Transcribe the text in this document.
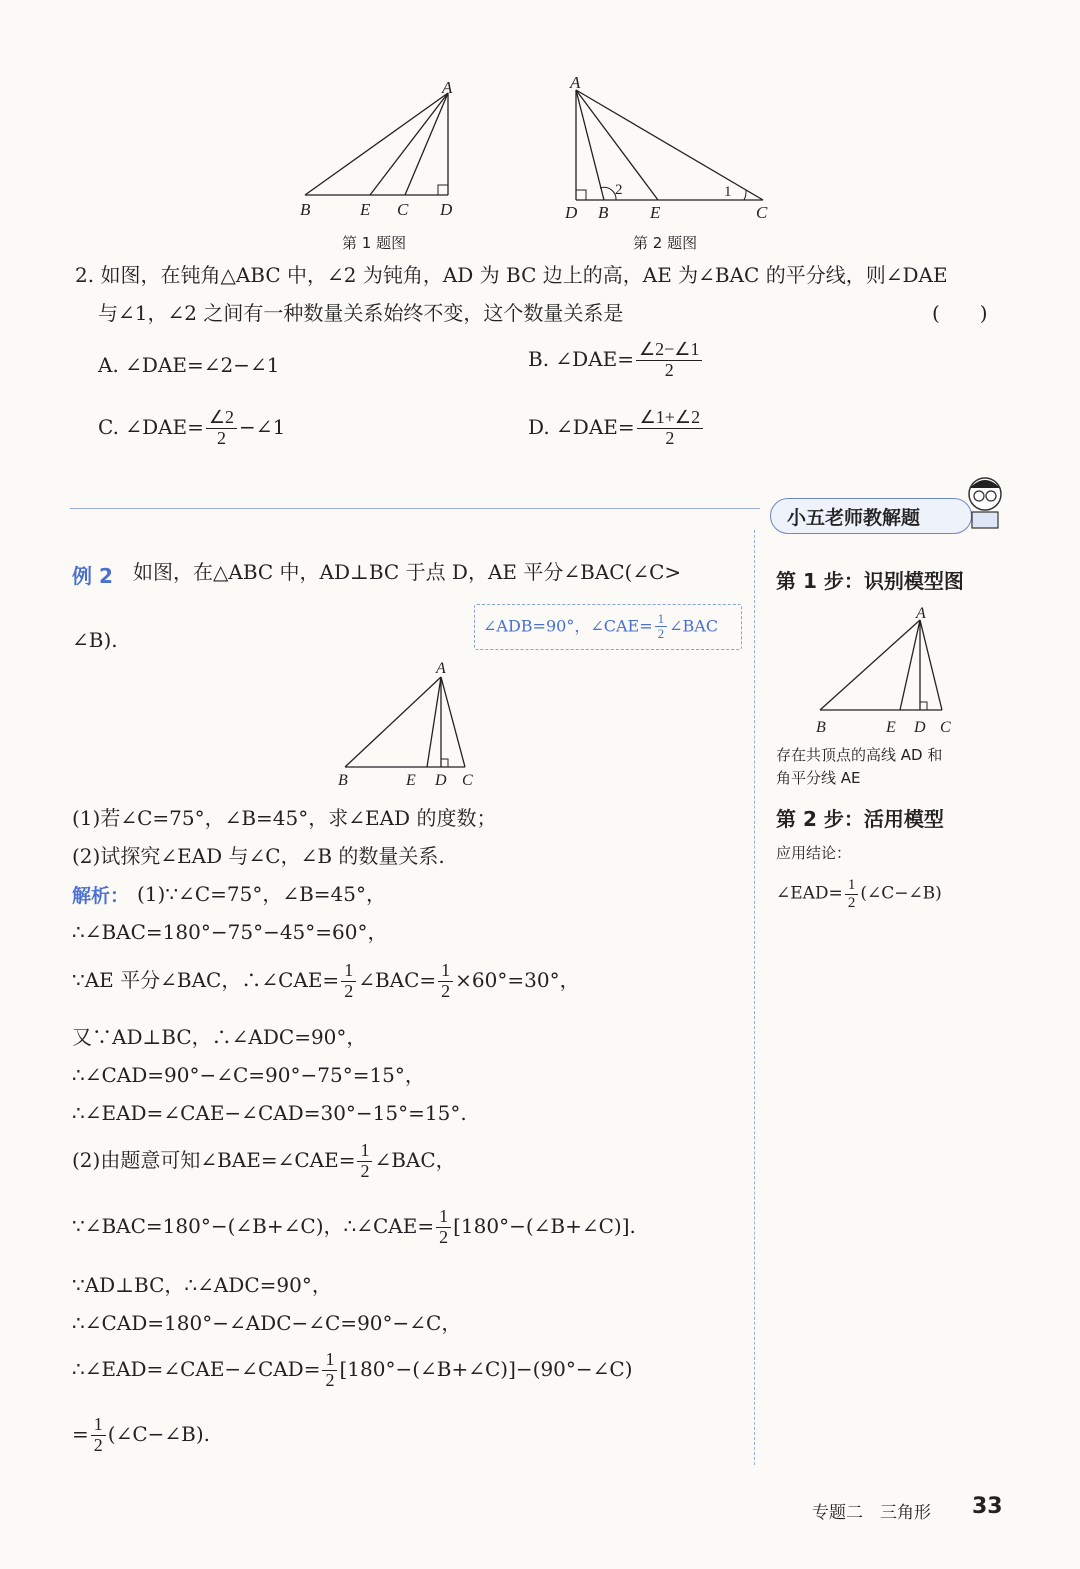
A
B	E C D
第 1 题图
A
D B E	C
1
2
第 2 题图
2. 如图，在钝角△ABC 中，∠2 为钝角，AD 为 BC 边上的高，AE 为∠BAC 的平分线，则∠DAE
与∠1，∠2 之间有一种数量关系始终不变，这个数量关系是	(　　)
A. ∠DAE=∠2−∠1	B. ∠DAE= $\frac{\angle 2-\angle 1}{2}$
C. ∠DAE= $\frac{\angle 2}{2}$ −∠1	D. ∠DAE= $\frac{\angle 1+\angle 2}{2}$
小五老师教解题
第 1 步：识别模型图
A
B	E D C
存在共顶点的高线 AD 和
角平分线 AE
第 2 步：活用模型
应用结论：
∠EAD= $\frac{1}{2}$ (∠C−∠B)
例 2 如图，在△ABC 中，AD⊥BC 于点 D，AE 平分∠BAC(∠C>
∠B).
∠ADB=90°，∠CAE= $\frac{1}{2}$ ∠BAC
A
B	E D C
(1)若∠C=75°，∠B=45°，求∠EAD 的度数；
(2)试探究∠EAD 与∠C，∠B 的数量关系.
解析： (1)∵∠C=75°，∠B=45°，
∴∠BAC=180°−75°−45°=60°，
∵AE 平分∠BAC，∴∠CAE= $\frac{1}{2}$ ∠BAC= $\frac{1}{2} \times 60^\circ=30^\circ$，
又∵AD⊥BC，∴∠ADC=90°，
∴∠CAD=90°−∠C=90°−75°=15°，
∴∠EAD=∠CAE−∠CAD=30°−15°=15°.
(2)由题意可知∠BAE=∠CAE= $\frac{1}{2}$ ∠BAC，
∵∠BAC=180°−(∠B+∠C)，∴∠CAE= $\frac{1}{2}$ [180°−(∠B+∠C)].
∵AD⊥BC，∴∠ADC=90°，
∴∠CAD=180°−∠ADC−∠C=90°−∠C，
∴∠EAD=∠CAE−∠CAD= $\frac{1}{2}$ [180°−(∠B+∠C)]−(90°−∠C)
= $\frac{1}{2}$ (∠C−∠B).
专题二　三角形 33
